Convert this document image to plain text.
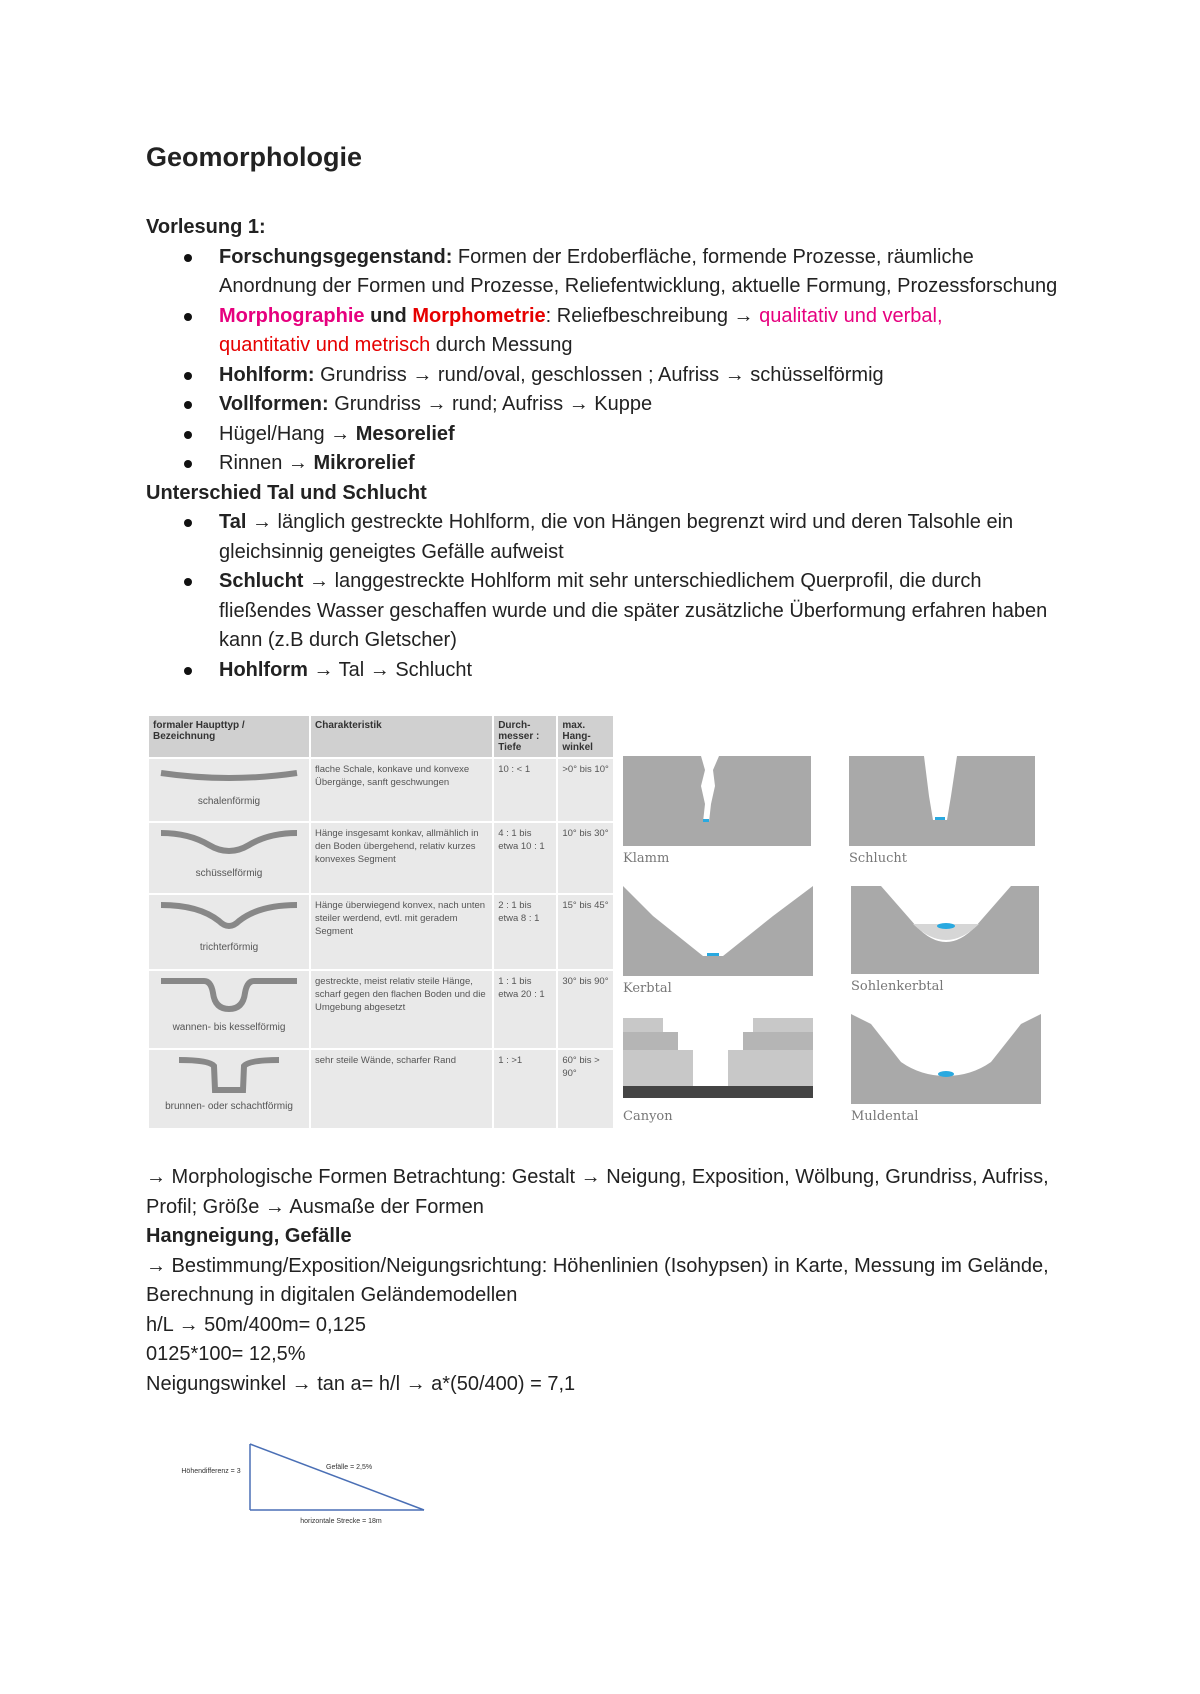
Geomorphologie
Vorlesung 1:
Forschungsgegenstand: Formen der Erdoberfläche, formende Prozesse, räumliche Anordnung der Formen und Prozesse, Reliefentwicklung, aktuelle Formung, Prozessforschung
Morphographie und Morphometrie: Reliefbeschreibung → qualitativ und verbal,
quantitativ und metrisch durch Messung
Hohlform: Grundriss → rund/oval, geschlossen ; Aufriss → schüsselförmig
Vollformen: Grundriss → rund; Aufriss → Kuppe
Hügel/Hang → Mesorelief
Rinnen → Mikrorelief
Unterschied Tal und Schlucht
Tal → länglich gestreckte Hohlform, die von Hängen begrenzt wird und deren Talsohle ein gleichsinnig geneigtes Gefälle aufweist
Schlucht → langgestreckte Hohlform mit sehr unterschiedlichem Querprofil, die durch fließendes Wasser geschaffen wurde und die später zusätzliche Überformung erfahren haben kann (z.B durch Gletscher)
Hohlform → Tal → Schlucht
formaler Haupttyp / Bezeichnung	Charakteristik	Durch-messer : Tiefe	max. Hang-winkel

schalenförmig	flache Schale, konkave und konvexe Übergänge, sanft geschwungen	10 : < 1	>0° bis 10°

schüsselförmig	Hänge insgesamt konkav, allmählich in den Boden übergehend, relativ kurzes konvexes Segment	4 : 1 bis etwa 10 : 1	10° bis 30°

trichterförmig	Hänge überwiegend konvex, nach unten steiler werdend, evtl. mit geradem Segment	2 : 1 bis etwa 8 : 1	15° bis 45°

wannen- bis kesselförmig	gestreckte, meist relativ steile Hänge, scharf gegen den flachen Boden und die Umgebung abgesetzt	1 : 1 bis etwa 20 : 1	30° bis 90°

brunnen- oder schachtförmig	sehr steile Wände, scharfer Rand	1 : >1	60° bis > 90°
Klamm	Schlucht
Kerbtal	Sohlenkerbtal
Canyon	Muldental
→ Morphologische Formen Betrachtung: Gestalt → Neigung, Exposition, Wölbung, Grundriss, Aufriss, Profil; Größe → Ausmaße der Formen
Hangneigung, Gefälle
→ Bestimmung/Exposition/Neigungsrichtung: Höhenlinien (Isohypsen) in Karte, Messung im Gelände, Berechnung in digitalen Geländemodellen
h/L → 50m/400m= 0,125
0125*100= 12,5%
Neigungswinkel → tan a= h/l → a*(50/400) = 7,1
Höhendifferenz = 3
Gefälle = 2,5%
horizontale Strecke = 18m
